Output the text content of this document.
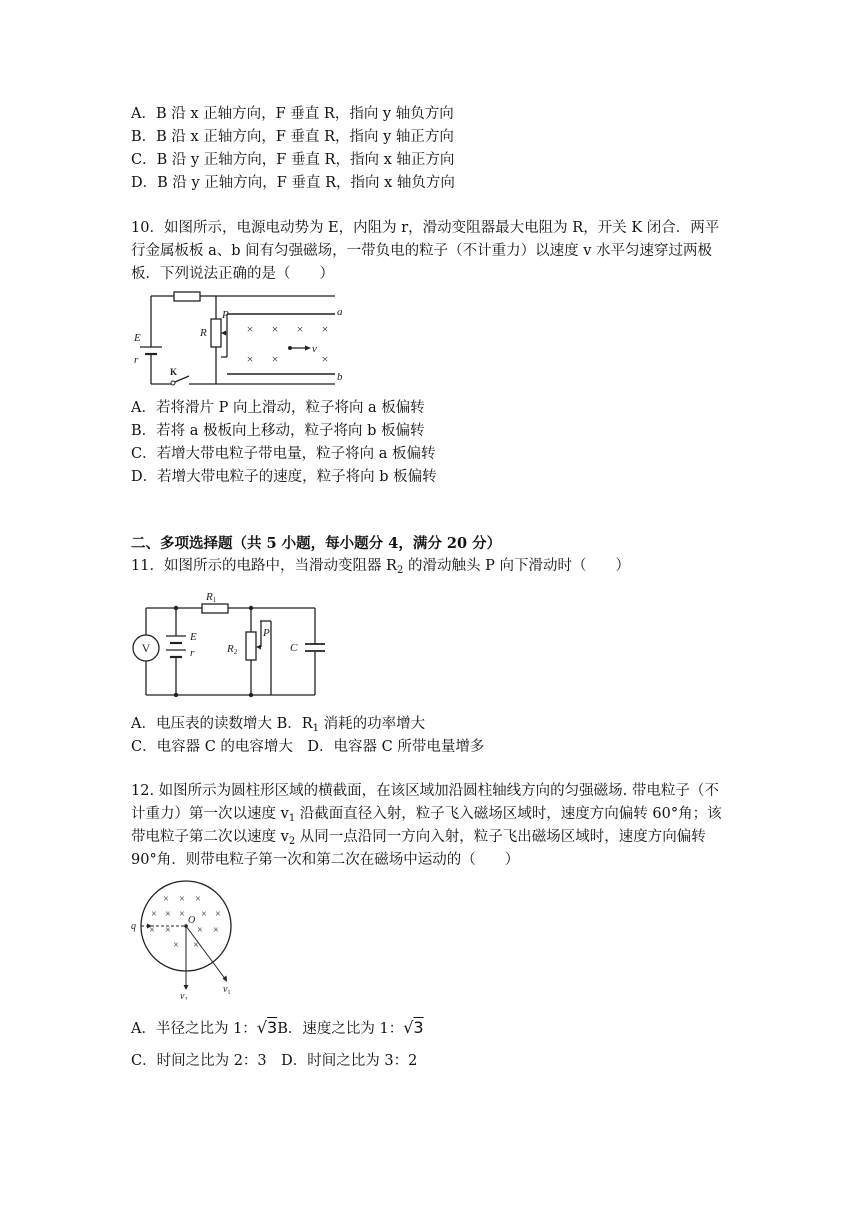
A．B 沿 x 正轴方向，F 垂直 R，指向 y 轴负方向
B．B 沿 x 正轴方向，F 垂直 R，指向 y 轴正方向
C．B 沿 y 正轴方向，F 垂直 R，指向 x 轴正方向
D．B 沿 y 正轴方向，F 垂直 R，指向 x 轴负方向
10．如图所示，电源电动势为 E，内阻为 r，滑动变阻器最大电阻为 R，开关 K 闭合．两平
行金属板板 a、b 间有匀强磁场，一带负电的粒子（不计重力）以速度 v 水平匀速穿过两极
板．下列说法正确的是（　　）
× × × ×
× ×	×
E
r
R
P	a
b
v
K
A．若将滑片 P 向上滑动，粒子将向 a 板偏转
B．若将 a 极板向上移动，粒子将向 b 板偏转
C．若增大带电粒子带电量，粒子将向 a 板偏转
D．若增大带电粒子的速度，粒子将向 b 板偏转
二、多项选择题（共 5 小题，每小题分 4，满分 20 分）
11．如图所示的电路中，当滑动变阻器 $R_2$ 的滑动触头 P 向下滑动时（　　）
V
R1
E
r	R2
P
C
A．电压表的读数增大 B．$R_1$ 消耗的功率增大
C．电容器 C 的电容增大　D．电容器 C 所带电量增多
12. 如图所示为圆柱形区域的横截面，在该区域加沿圆柱轴线方向的匀强磁场. 带电粒子（不
计重力）第一次以速度 $v_1$ 沿截面直径入射，粒子飞入磁场区域时，速度方向偏转 60°角；该
带电粒子第二次以速度 $v_2$ 从同一点沿同一方向入射，粒子飞出磁场区域时，速度方向偏转
90°角．则带电粒子第一次和第二次在磁场中运动的（　　）
× × ×
× × × × ×
× ×	× ×
× ×
q
O
$v_2$
$v_1$
A．半径之比为 1：√3B．速度之比为 1：√3
C．时间之比为 2：3　D．时间之比为 3：2
